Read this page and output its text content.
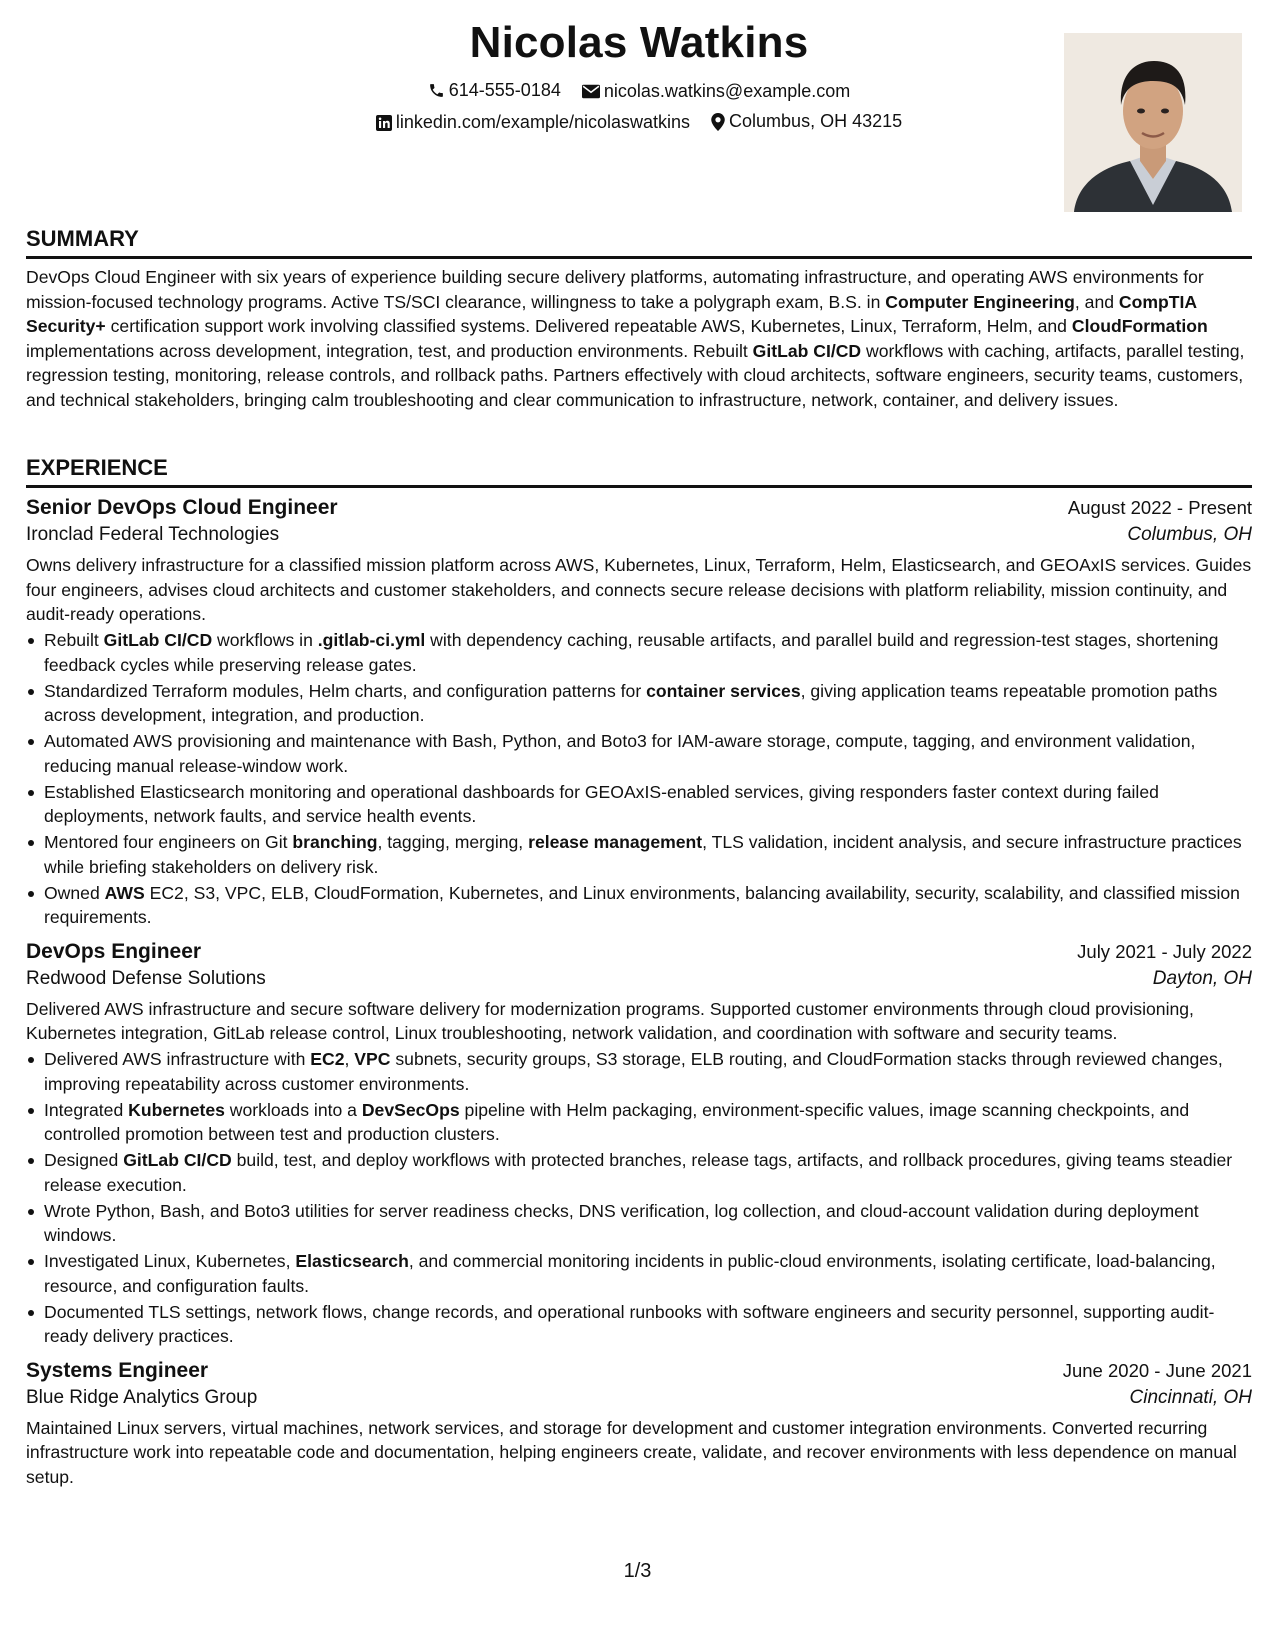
Nicolas Watkins
614-555-0184
nicolas.watkins@example.com
linkedin.com/example/nicolaswatkins
Columbus, OH 43215
SUMMARY

DevOps Cloud Engineer with six years of experience building secure delivery platforms, automating infrastructure, and operating AWS environments for mission-focused technology programs. Active TS/SCI clearance, willingness to take a polygraph exam, B.S. in Computer Engineering, and CompTIA Security+ certification support work involving classified systems. Delivered repeatable AWS, Kubernetes, Linux, Terraform, Helm, and CloudFormation implementations across development, integration, test, and production environments. Rebuilt GitLab CI/CD workflows with caching, artifacts, parallel testing, regression testing, monitoring, release controls, and rollback paths. Partners effectively with cloud architects, software engineers, security teams, customers, and technical stakeholders, bringing calm troubleshooting and clear communication to infrastructure, network, container, and delivery issues.

EXPERIENCE
Senior DevOps Cloud Engineer	August 2022 - Present
Ironclad Federal Technologies	Columbus, OH

Owns delivery infrastructure for a classified mission platform across AWS, Kubernetes, Linux, Terraform, Helm, Elasticsearch, and GEOAxIS services. Guides four engineers, advises cloud architects and customer stakeholders, and connects secure release decisions with platform reliability, mission continuity, and audit-ready operations.

Rebuilt GitLab CI/CD workflows in .gitlab-ci.yml with dependency caching, reusable artifacts, and parallel build and regression-test stages, shortening feedback cycles while preserving release gates.
Standardized Terraform modules, Helm charts, and configuration patterns for container services, giving application teams repeatable promotion paths across development, integration, and production.
Automated AWS provisioning and maintenance with Bash, Python, and Boto3 for IAM-aware storage, compute, tagging, and environment validation, reducing manual release-window work.
Established Elasticsearch monitoring and operational dashboards for GEOAxIS-enabled services, giving responders faster context during failed deployments, network faults, and service health events.
Mentored four engineers on Git branching, tagging, merging, release management, TLS validation, incident analysis, and secure infrastructure practices while briefing stakeholders on delivery risk.
Owned AWS EC2, S3, VPC, ELB, CloudFormation, Kubernetes, and Linux environments, balancing availability, security, scalability, and classified mission requirements.
DevOps Engineer	July 2021 - July 2022
Redwood Defense Solutions	Dayton, OH

Delivered AWS infrastructure and secure software delivery for modernization programs. Supported customer environments through cloud provisioning, Kubernetes integration, GitLab release control, Linux troubleshooting, network validation, and coordination with software and security teams.

Delivered AWS infrastructure with EC2, VPC subnets, security groups, S3 storage, ELB routing, and CloudFormation stacks through reviewed changes, improving repeatability across customer environments.
Integrated Kubernetes workloads into a DevSecOps pipeline with Helm packaging, environment-specific values, image scanning checkpoints, and controlled promotion between test and production clusters.
Designed GitLab CI/CD build, test, and deploy workflows with protected branches, release tags, artifacts, and rollback procedures, giving teams steadier release execution.
Wrote Python, Bash, and Boto3 utilities for server readiness checks, DNS verification, log collection, and cloud-account validation during deployment windows.
Investigated Linux, Kubernetes, Elasticsearch, and commercial monitoring incidents in public-cloud environments, isolating certificate, load-balancing, resource, and configuration faults.
Documented TLS settings, network flows, change records, and operational runbooks with software engineers and security personnel, supporting audit-ready delivery practices.
Systems Engineer	June 2020 - June 2021
Blue Ridge Analytics Group	Cincinnati, OH

Maintained Linux servers, virtual machines, network services, and storage for development and customer integration environments. Converted recurring infrastructure work into repeatable code and documentation, helping engineers create, validate, and recover environments with less dependence on manual setup.

1/3
